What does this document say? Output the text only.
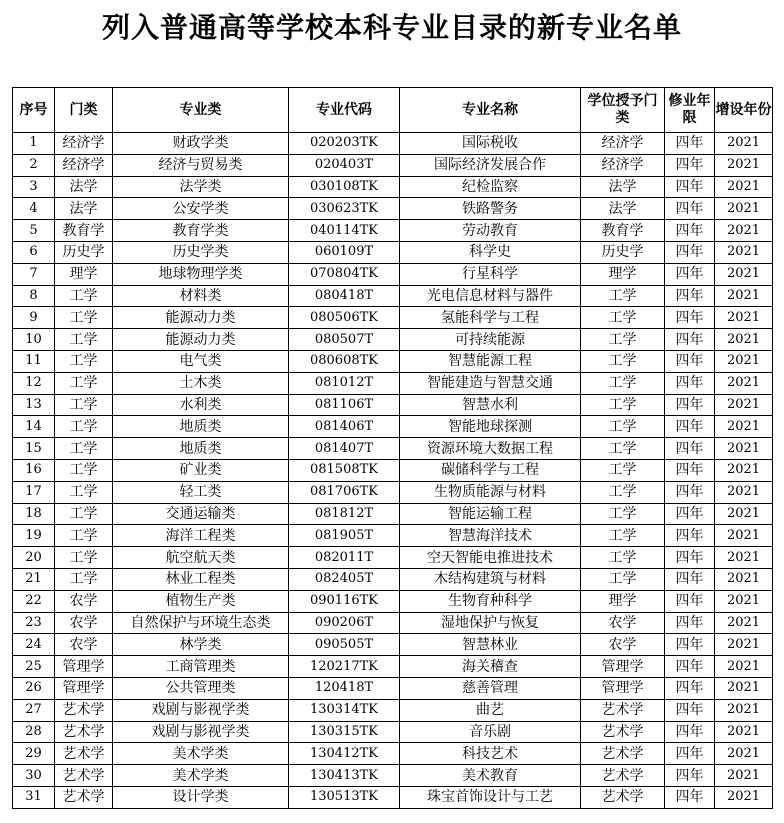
列入普通高等学校本科专业目录的新专业名单
序号	门类	专业类	专业代码	专业名称	学位授予门类	修业年限	增设年份
1	经济学	财政学类	020203TK	国际税收	经济学	四年	2021
2	经济学	经济与贸易类	020403T	国际经济发展合作	经济学	四年	2021
3	法学	法学类	030108TK	纪检监察	法学	四年	2021
4	法学	公安学类	030623TK	铁路警务	法学	四年	2021
5	教育学	教育学类	040114TK	劳动教育	教育学	四年	2021
6	历史学	历史学类	060109T	科学史	历史学	四年	2021
7	理学	地球物理学类	070804TK	行星科学	理学	四年	2021
8	工学	材料类	080418T	光电信息材料与器件	工学	四年	2021
9	工学	能源动力类	080506TK	氢能科学与工程	工学	四年	2021
10	工学	能源动力类	080507T	可持续能源	工学	四年	2021
11	工学	电气类	080608TK	智慧能源工程	工学	四年	2021
12	工学	土木类	081012T	智能建造与智慧交通	工学	四年	2021
13	工学	水利类	081106T	智慧水利	工学	四年	2021
14	工学	地质类	081406T	智能地球探测	工学	四年	2021
15	工学	地质类	081407T	资源环境大数据工程	工学	四年	2021
16	工学	矿业类	081508TK	碳储科学与工程	工学	四年	2021
17	工学	轻工类	081706TK	生物质能源与材料	工学	四年	2021
18	工学	交通运输类	081812T	智能运输工程	工学	四年	2021
19	工学	海洋工程类	081905T	智慧海洋技术	工学	四年	2021
20	工学	航空航天类	082011T	空天智能电推进技术	工学	四年	2021
21	工学	林业工程类	082405T	木结构建筑与材料	工学	四年	2021
22	农学	植物生产类	090116TK	生物育种科学	理学	四年	2021
23	农学	自然保护与环境生态类	090206T	湿地保护与恢复	农学	四年	2021
24	农学	林学类	090505T	智慧林业	农学	四年	2021
25	管理学	工商管理类	120217TK	海关稽查	管理学	四年	2021
26	管理学	公共管理类	120418T	慈善管理	管理学	四年	2021
27	艺术学	戏剧与影视学类	130314TK	曲艺	艺术学	四年	2021
28	艺术学	戏剧与影视学类	130315TK	音乐剧	艺术学	四年	2021
29	艺术学	美术学类	130412TK	科技艺术	艺术学	四年	2021
30	艺术学	美术学类	130413TK	美术教育	艺术学	四年	2021
31	艺术学	设计学类	130513TK	珠宝首饰设计与工艺	艺术学	四年	2021
